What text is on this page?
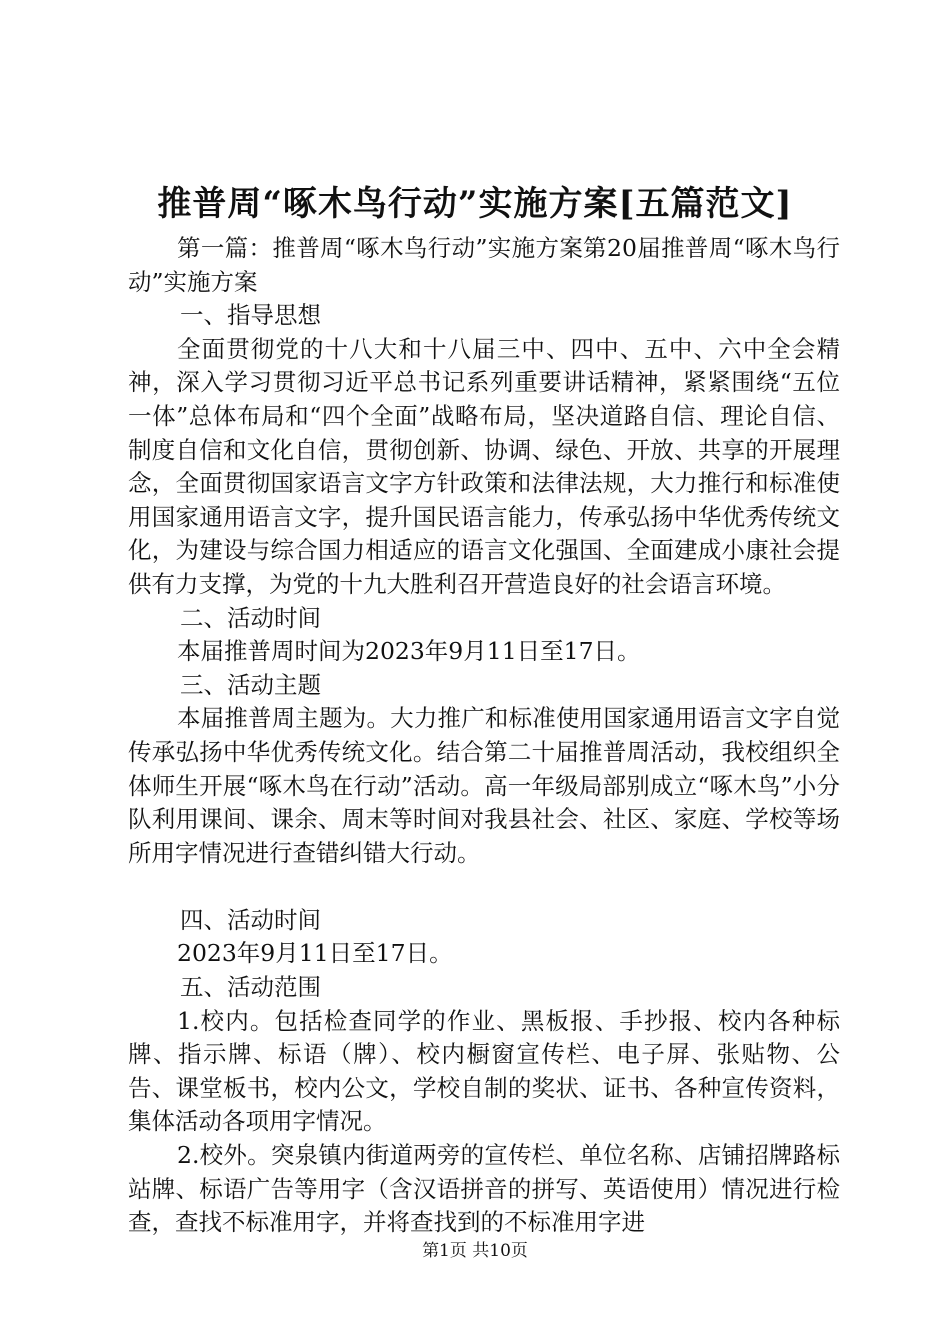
推普周“啄木鸟行动”实施方案[五篇范文]

第一篇：推普周“啄木鸟行动”实施方案第20届推普周“啄木鸟行动”实施方案

一、指导思想

全面贯彻党的十八大和十八届三中、四中、五中、六中全会精神，深入学习贯彻习近平总书记系列重要讲话精神，紧紧围绕“五位一体”总体布局和“四个全面”战略布局，坚决道路自信、理论自信、制度自信和文化自信，贯彻创新、协调、绿色、开放、共享的开展理念，全面贯彻国家语言文字方针政策和法律法规，大力推行和标准使用国家通用语言文字，提升国民语言能力，传承弘扬中华优秀传统文化，为建设与综合国力相适应的语言文化强国、全面建成小康社会提供有力支撑，为党的十九大胜利召开营造良好的社会语言环境。

二、活动时间

本届推普周时间为2023年9月11日至17日。

三、活动主题

本届推普周主题为。大力推广和标准使用国家通用语言文字自觉传承弘扬中华优秀传统文化。结合第二十届推普周活动，我校组织全体师生开展“啄木鸟在行动”活动。高一年级局部别成立“啄木鸟”小分队利用课间、课余、周末等时间对我县社会、社区、家庭、学校等场所用字情况进行查错纠错大行动。

四、活动时间

2023年9月11日至17日。

五、活动范围

1.校内。包括检查同学的作业、黑板报、手抄报、校内各种标牌、指示牌、标语（牌）、校内橱窗宣传栏、电子屏、张贴物、公告、课堂板书，校内公文，学校自制的奖状、证书、各种宣传资料，集体活动各项用字情况。

2.校外。突泉镇内街道两旁的宣传栏、单位名称、店铺招牌路标站牌、标语广告等用字（含汉语拼音的拼写、英语使用）情况进行检查，查找不标准用字，并将查找到的不标准用字进

第1页 共10页
